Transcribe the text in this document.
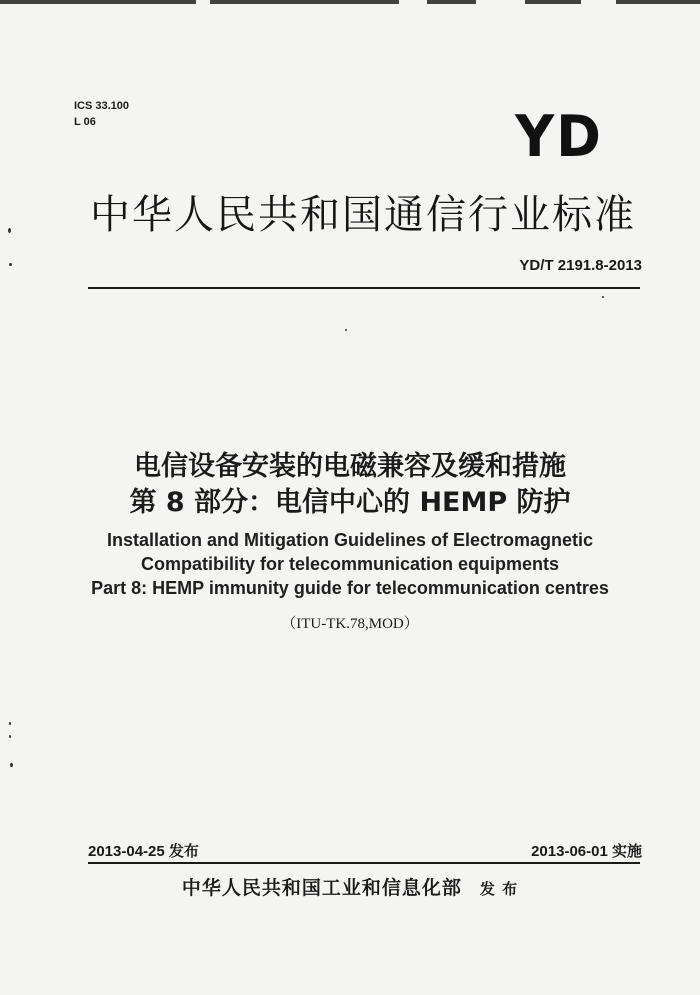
ICS 33.100
L 06	YD
中华人民共和国通信行业标准
YD/T 2191.8-2013
电信设备安装的电磁兼容及缓和措施
第 8 部分：电信中心的 HEMP 防护
Installation and Mitigation Guidelines of Electromagnetic
Compatibility for telecommunication equipments
Part 8: HEMP immunity guide for telecommunication centres
（ITU-TK.78,MOD）
2013-04-25 发布	2013-06-01 实施
中华人民共和国工业和信息化部 发 布
